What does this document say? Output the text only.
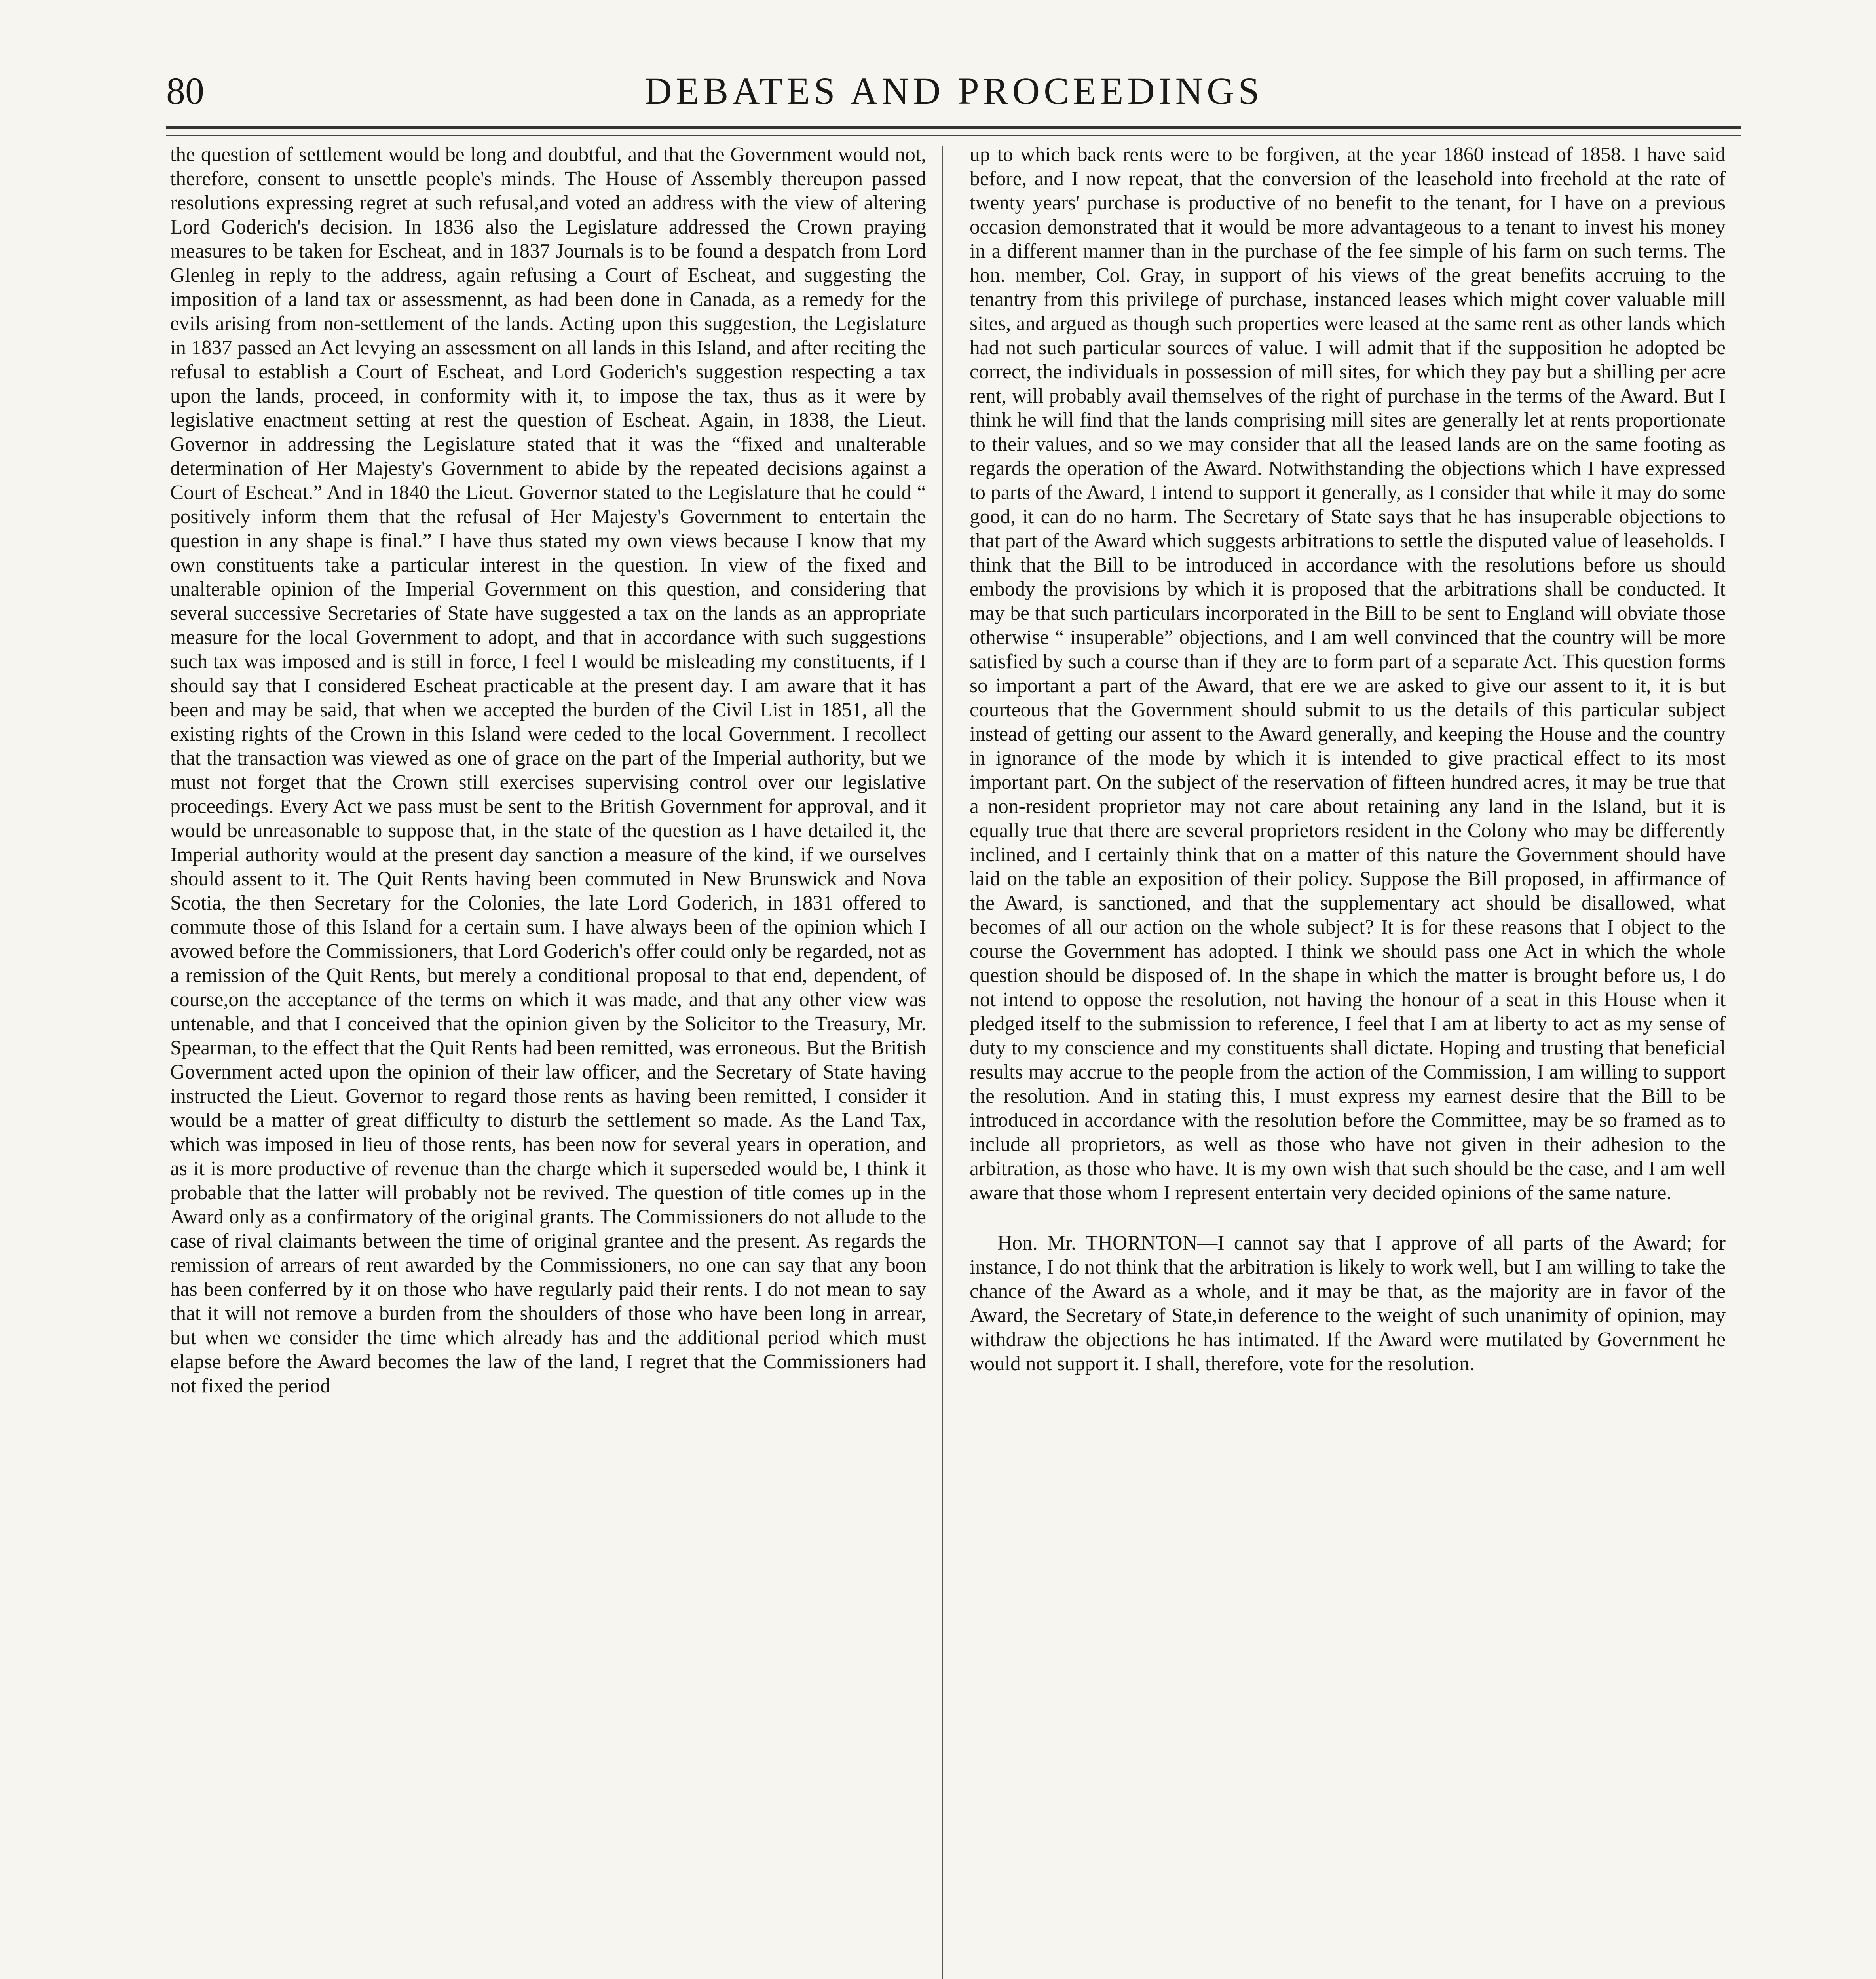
80	DEBATES AND PROCEEDINGS

the question of settlement would be long and doubtful, and that the Government would not, therefore, consent to unsettle people's minds. The House of Assembly thereupon passed resolutions expressing regret at such refusal,and voted an address with the view of altering Lord Goderich's decision. In 1836 also the Legislature addressed the Crown praying measures to be taken for Escheat, and in 1837 Journals is to be found a despatch from Lord Glenleg in reply to the address, again refusing a Court of Escheat, and suggesting the imposition of a land tax or assessmennt, as had been done in Canada, as a remedy for the evils arising from non-settlement of the lands. Acting upon this suggestion, the Legislature in 1837 passed an Act levying an assessment on all lands in this Island, and after reciting the refusal to establish a Court of Escheat, and Lord Goderich's suggestion respecting a tax upon the lands, proceed, in conformity with it, to impose the tax, thus as it were by legislative enactment setting at rest the question of Escheat. Again, in 1838, the Lieut. Governor in addressing the Legislature stated that it was the “fixed and unalterable determination of Her Majesty's Government to abide by the repeated decisions against a Court of Escheat.” And in 1840 the Lieut. Governor stated to the Legislature that he could “ positively inform them that the refusal of Her Majesty's Government to entertain the question in any shape is final.” I have thus stated my own views because I know that my own constituents take a particular interest in the question. In view of the fixed and unalterable opinion of the Imperial Government on this question, and considering that several successive Secretaries of State have suggested a tax on the lands as an appropriate measure for the local Government to adopt, and that in accordance with such suggestions such tax was imposed and is still in force, I feel I would be misleading my constituents, if I should say that I considered Escheat practicable at the present day. I am aware that it has been and may be said, that when we accepted the burden of the Civil List in 1851, all the existing rights of the Crown in this Island were ceded to the local Government. I recollect that the transaction was viewed as one of grace on the part of the Imperial authority, but we must not forget that the Crown still exercises supervising control over our legislative proceedings. Every Act we pass must be sent to the British Government for approval, and it would be unreasonable to suppose that, in the state of the question as I have detailed it, the Imperial authority would at the present day sanction a measure of the kind, if we ourselves should assent to it. The Quit Rents having been commuted in New Brunswick and Nova Scotia, the then Secretary for the Colonies, the late Lord Goderich, in 1831 offered to commute those of this Island for a certain sum. I have always been of the opinion which I avowed before the Commissioners, that Lord Goderich's offer could only be regarded, not as a remission of the Quit Rents, but merely a conditional proposal to that end, dependent, of course,on the acceptance of the terms on which it was made, and that any other view was untenable, and that I conceived that the opinion given by the Solicitor to the Treasury, Mr. Spearman, to the effect that the Quit Rents had been remitted, was erroneous. But the British Government acted upon the opinion of their law officer, and the Secretary of State having instructed the Lieut. Governor to regard those rents as having been remitted, I consider it would be a matter of great difficulty to disturb the settlement so made. As the Land Tax, which was imposed in lieu of those rents, has been now for several years in operation, and as it is more productive of revenue than the charge which it superseded would be, I think it probable that the latter will probably not be revived. The question of title comes up in the Award only as a confirmatory of the original grants. The Commissioners do not allude to the case of rival claimants between the time of original grantee and the present. As regards the remission of arrears of rent awarded by the Commissioners, no one can say that any boon has been conferred by it on those who have regularly paid their rents. I do not mean to say that it will not remove a burden from the shoulders of those who have been long in arrear, but when we consider the time which already has and the additional period which must elapse before the Award becomes the law of the land, I regret that the Commissioners had not fixed the period

up to which back rents were to be forgiven, at the year 1860 instead of 1858. I have said before, and I now repeat, that the conversion of the leasehold into freehold at the rate of twenty years' purchase is productive of no benefit to the tenant, for I have on a previous occasion demonstrated that it would be more advantageous to a tenant to invest his money in a different manner than in the purchase of the fee simple of his farm on such terms. The hon. member, Col. Gray, in support of his views of the great benefits accruing to the tenantry from this privilege of purchase, instanced leases which might cover valuable mill sites, and argued as though such properties were leased at the same rent as other lands which had not such particular sources of value. I will admit that if the supposition he adopted be correct, the individuals in possession of mill sites, for which they pay but a shilling per acre rent, will probably avail themselves of the right of purchase in the terms of the Award. But I think he will find that the lands comprising mill sites are generally let at rents proportionate to their values, and so we may consider that all the leased lands are on the same footing as regards the operation of the Award. Notwithstanding the objections which I have expressed to parts of the Award, I intend to support it generally, as I consider that while it may do some good, it can do no harm. The Secretary of State says that he has insuperable objections to that part of the Award which suggests arbitrations to settle the disputed value of leaseholds. I think that the Bill to be introduced in accordance with the resolutions before us should embody the provisions by which it is proposed that the arbitrations shall be conducted. It may be that such particulars incorporated in the Bill to be sent to England will obviate those otherwise “ insuperable” objections, and I am well convinced that the country will be more satisfied by such a course than if they are to form part of a separate Act. This question forms so important a part of the Award, that ere we are asked to give our assent to it, it is but courteous that the Government should submit to us the details of this particular subject instead of getting our assent to the Award generally, and keeping the House and the country in ignorance of the mode by which it is intended to give practical effect to its most important part. On the subject of the reservation of fifteen hundred acres, it may be true that a non-resident proprietor may not care about retaining any land in the Island, but it is equally true that there are several proprietors resident in the Colony who may be differently inclined, and I certainly think that on a matter of this nature the Government should have laid on the table an exposition of their policy. Suppose the Bill proposed, in affirmance of the Award, is sanctioned, and that the supplementary act should be disallowed, what becomes of all our action on the whole subject? It is for these reasons that I object to the course the Government has adopted. I think we should pass one Act in which the whole question should be disposed of. In the shape in which the matter is brought before us, I do not intend to oppose the resolution, not having the honour of a seat in this House when it pledged itself to the submission to reference, I feel that I am at liberty to act as my sense of duty to my conscience and my constituents shall dictate. Hoping and trusting that beneficial results may accrue to the people from the action of the Commission, I am willing to support the resolution. And in stating this, I must express my earnest desire that the Bill to be introduced in accordance with the resolution before the Committee, may be so framed as to include all proprietors, as well as those who have not given in their adhesion to the arbitration, as those who have. It is my own wish that such should be the case, and I am well aware that those whom I represent entertain very decided opinions of the same nature.

Hon. Mr. THORNTON—I cannot say that I approve of all parts of the Award; for instance, I do not think that the arbitration is likely to work well, but I am willing to take the chance of the Award as a whole, and it may be that, as the majority are in favor of the Award, the Secretary of State,in deference to the weight of such unanimity of opinion, may withdraw the objections he has intimated. If the Award were mutilated by Government he would not support it. I shall, therefore, vote for the resolution.
